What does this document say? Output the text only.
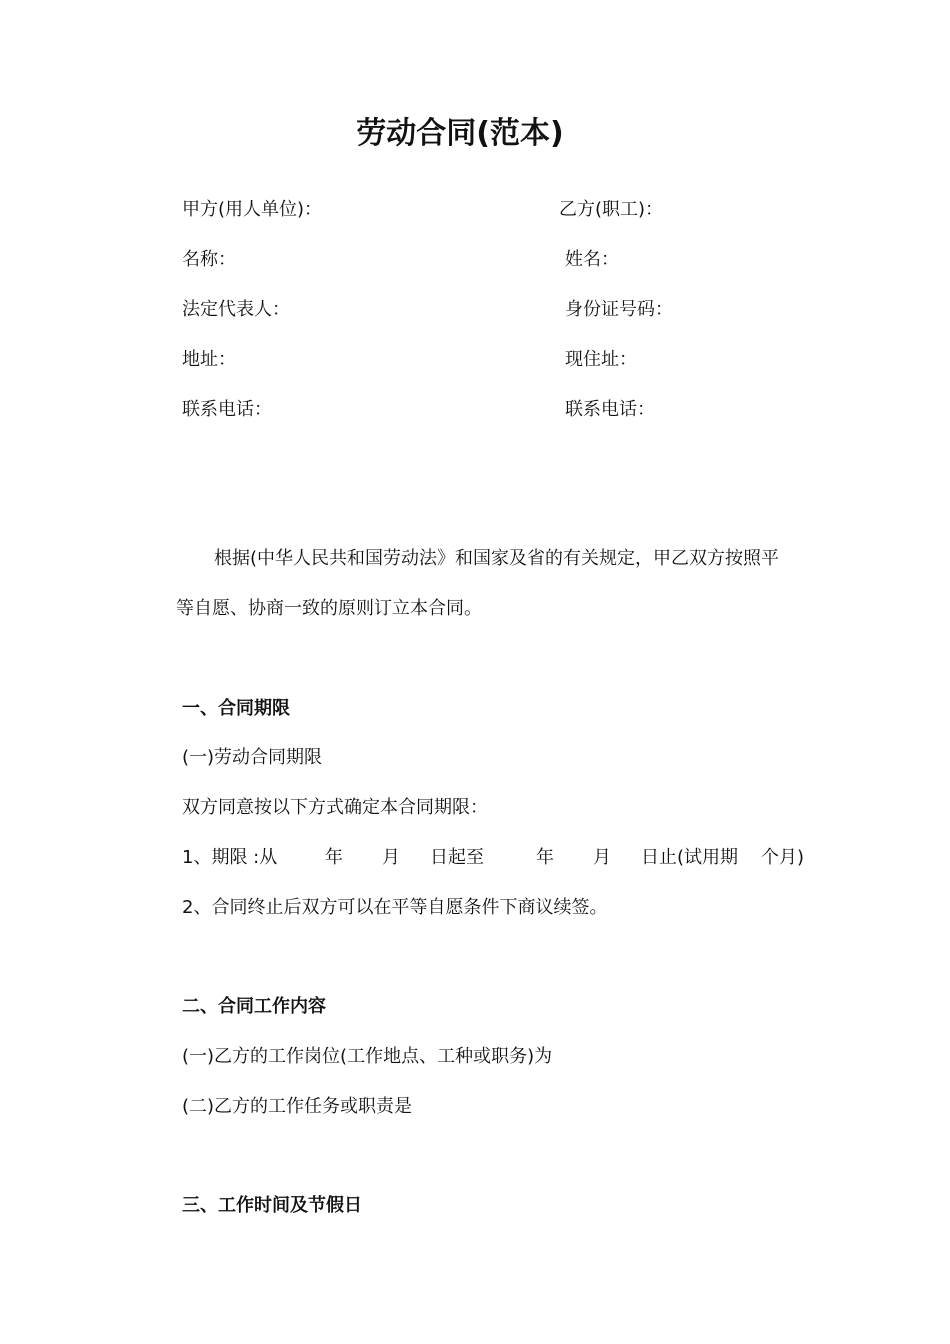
劳动合同(范本)
甲方(用人单位)：
名称：
法定代表人：
地址：
联系电话：
乙方(职工)：
姓名：
身份证号码：
现住址：
联系电话：
根据(中华人民共和国劳动法》和国家及省的有关规定，甲乙双方按照平
等自愿、协商一致的原则订立本合同。
一、合同期限
(一)劳动合同期限
双方同意按以下方式确定本合同期限：
1、期限 :从	年 月 日起至	年 月 日止(试用期 个月)
2、合同终止后双方可以在平等自愿条件下商议续签。
二、合同工作内容
(一)乙方的工作岗位(工作地点、工种或职务)为
(二)乙方的工作任务或职责是
三、工作时间及节假日
